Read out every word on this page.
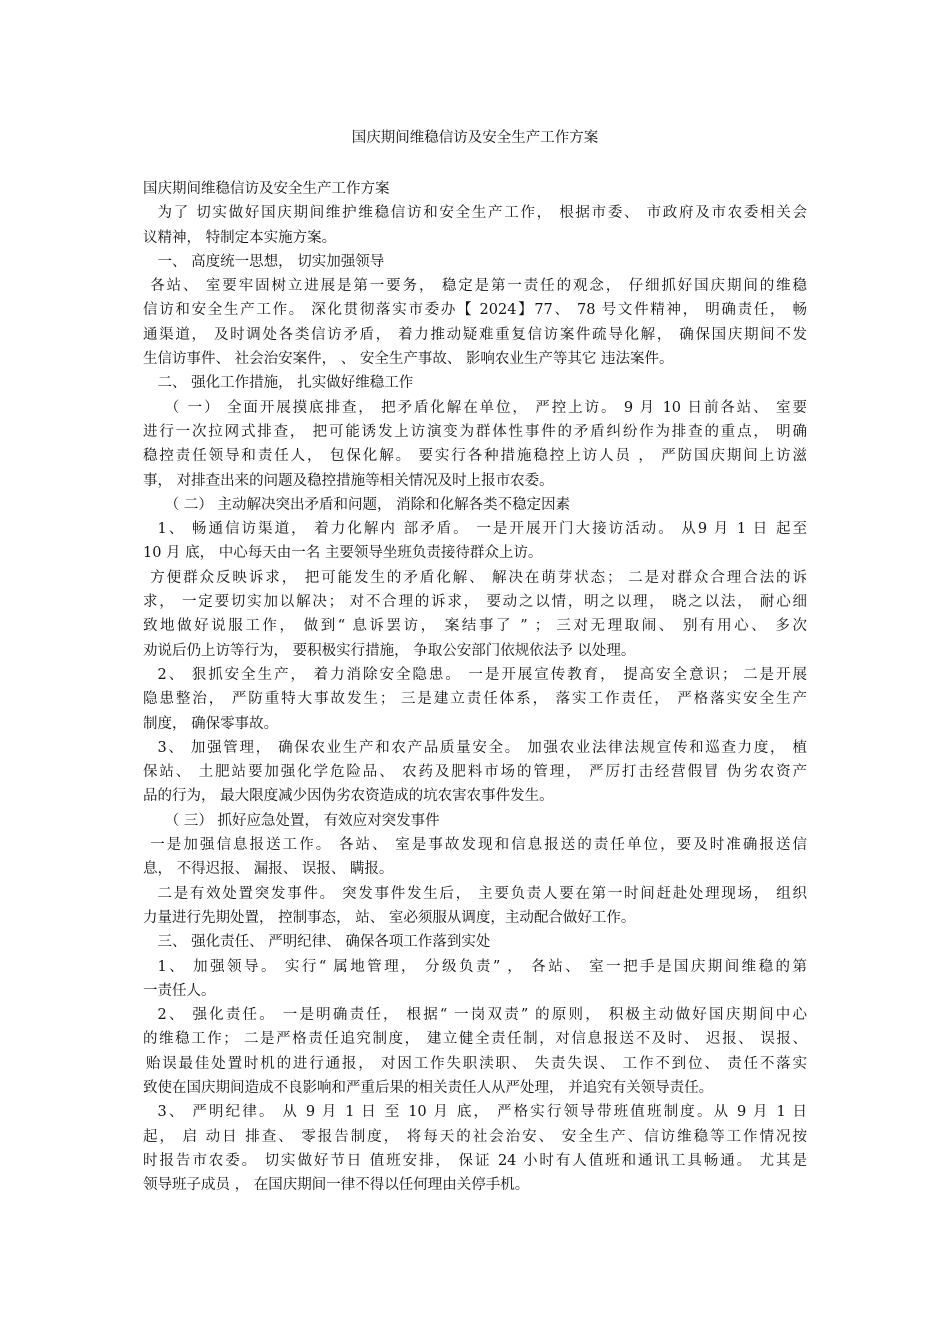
国庆期间维稳信访及安全生产工作方案
国庆期间维稳信访及安全生产工作方案
为了 切实做好国庆期间维护维稳信访和安全生产工作， 根据市委、 市政府及市农委相关会
议精神， 特制定本实施方案。
一、 高度统一思想， 切实加强领导
各站、 室要牢固树立进展是第一要务， 稳定是第一责任的观念， 仔细抓好国庆期间的维稳
信访和安全生产工作。 深化贯彻落实市委办【 2024】77、 78 号文件精神， 明确责任， 畅
通渠道， 及时调处各类信访矛盾， 着力推动疑难重复信访案件疏导化解， 确保国庆期间不发
生信访事件、 社会治安案件， 、 安全生产事故、 影响农业生产等其它 违法案件。
二、 强化工作措施， 扎实做好维稳工作
（ 一） 全面开展摸底排查， 把矛盾化解在单位， 严控上访。 9 月 10 日前各站、 室要
进行一次拉网式排查， 把可能诱发上访演变为群体性事件的矛盾纠纷作为排查的重点， 明确
稳控责任领导和责任人， 包保化解。 要实行各种措施稳控上访人员 ， 严防国庆期间上访滋
事， 对排查出来的问题及稳控措施等相关情况及时上报市农委。
（ 二） 主动解决突出矛盾和问题， 消除和化解各类不稳定因素
1、 畅通信访渠道， 着力化解内 部矛盾。 一是开展开门大接访活动。 从9 月 1 日 起至
10 月 底， 中心每天由一名 主要领导坐班负责接待群众上访。
方便群众反映诉求， 把可能发生的矛盾化解、 解决在萌芽状态； 二是对群众合理合法的诉
求， 一定要切实加以解决； 对不合理的诉求， 要动之以情，明之以理， 晓之以法， 耐心细
致地做好说服工作， 做到“ 息诉罢访， 案结事了 ” ； 三对无理取闹、 别有用心、 多次
劝说后仍上访等行为， 要积极实行措施， 争取公安部门依规依法予 以处理。
2、 狠抓安全生产， 着力消除安全隐患。 一是开展宣传教育， 提高安全意识； 二是开展
隐患整治， 严防重特大事故发生； 三是建立责任体系， 落实工作责任， 严格落实安全生产
制度， 确保零事故。
3、 加强管理， 确保农业生产和农产品质量安全。 加强农业法律法规宣传和巡查力度， 植
保站、 土肥站要加强化学危险品、 农药及肥料市场的管理， 严厉打击经营假冒 伪劣农资产
品的行为， 最大限度减少因伪劣农资造成的坑农害农事件发生。
（ 三） 抓好应急处置， 有效应对突发事件
一是加强信息报送工作。 各站、 室是事故发现和信息报送的责任单位，要及时准确报送信
息， 不得迟报、 漏报、 误报、 瞒报。
二是有效处置突发事件。 突发事件发生后， 主要负责人要在第一时间赶赴处理现场， 组织
力量进行先期处置， 控制事态， 站、 室必须服从调度，主动配合做好工作。
三、 强化责任、 严明纪律、 确保各项工作落到实处
1、 加强领导。 实行“ 属地管理， 分级负责” ， 各站、 室一把手是国庆期间维稳的第
一责任人。
2、 强化责任。 一是明确责任， 根据“ 一岗双责” 的原则， 积极主动做好国庆期间中心
的维稳工作； 二是严格责任追究制度， 建立健全责任制，对信息报送不及时、 迟报、 误报、
贻误最佳处置时机的进行通报， 对因工作失职渎职、 失责失误、 工作不到位、 责任不落实
致使在国庆期间造成不良影响和严重后果的相关责任人从严处理， 并追究有关领导责任。
3、 严明纪律。 从 9 月 1 日 至 10 月 底， 严格实行领导带班值班制度。从 9 月 1 日
起， 启 动日 排查、 零报告制度， 将每天的社会治安、 安全生产、信访维稳等工作情况按
时报告市农委。 切实做好节日 值班安排， 保证 24 小时有人值班和通讯工具畅通。 尤其是
领导班子成员 ， 在国庆期间一律不得以任何理由关停手机。
